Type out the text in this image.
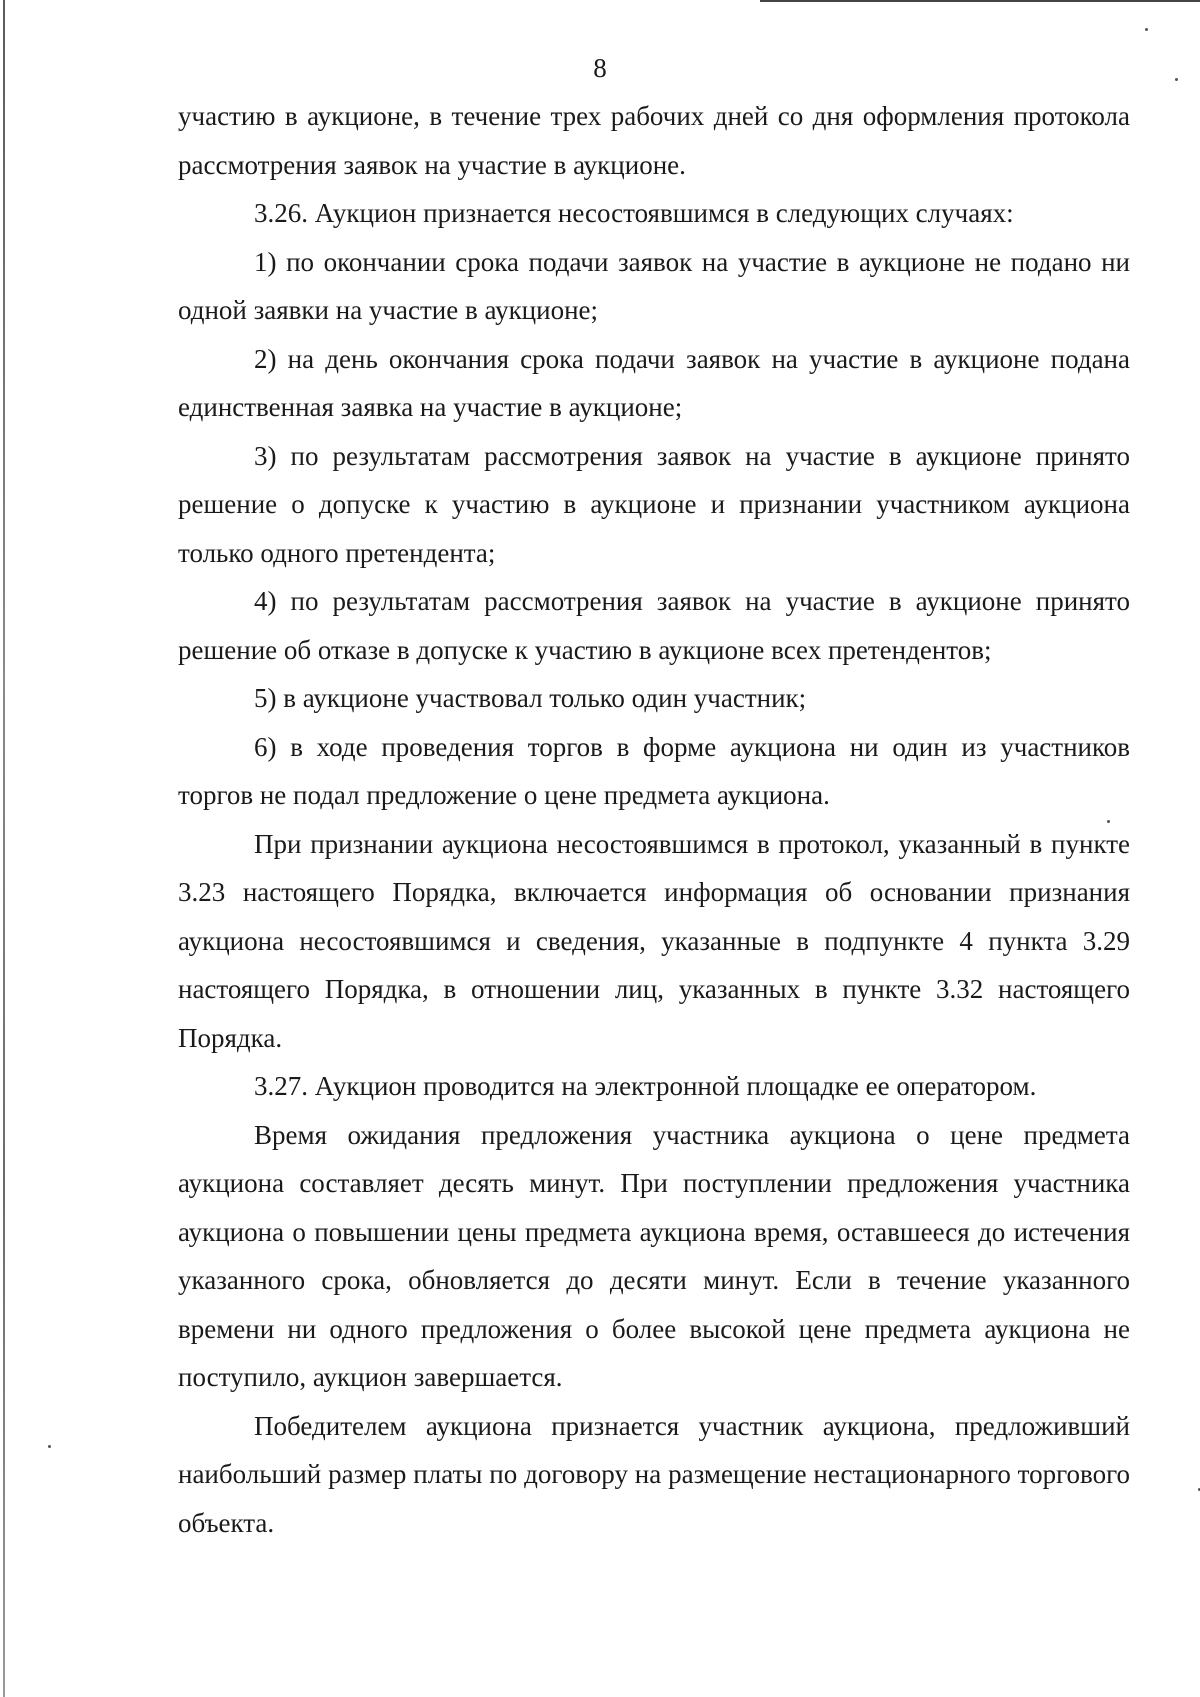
8

участию в аукционе, в течение трех рабочих дней со дня оформления протокола рассмотрения заявок на участие в аукционе.

3.26. Аукцион признается несостоявшимся в следующих случаях:

1) по окончании срока подачи заявок на участие в аукционе не подано ни одной заявки на участие в аукционе;

2) на день окончания срока подачи заявок на участие в аукционе подана единственная заявка на участие в аукционе;

3) по результатам рассмотрения заявок на участие в аукционе принято решение о допуске к участию в аукционе и признании участником аукциона только одного претендента;

4) по результатам рассмотрения заявок на участие в аукционе принято решение об отказе в допуске к участию в аукционе всех претендентов;

5) в аукционе участвовал только один участник;

6) в ходе проведения торгов в форме аукциона ни один из участников торгов не подал предложение о цене предмета аукциона.

При признании аукциона несостоявшимся в протокол, указанный в пункте 3.23 настоящего Порядка, включается информация об основании признания аукциона несостоявшимся и сведения, указанные в подпункте 4 пункта 3.29 настоящего Порядка, в отношении лиц, указанных в пункте 3.32 настоящего Порядка.

3.27. Аукцион проводится на электронной площадке ее оператором.

Время ожидания предложения участника аукциона о цене предмета аукциона составляет десять минут. При поступлении предложения участника аукциона о повышении цены предмета аукциона время, оставшееся до истечения указанного срока, обновляется до десяти минут. Если в течение указанного времени ни одного предложения о более высокой цене предмета аукциона не поступило, аукцион завершается.

Победителем аукциона признается участник аукциона, предложивший наибольший размер платы по договору на размещение нестационарного торгового объекта.
